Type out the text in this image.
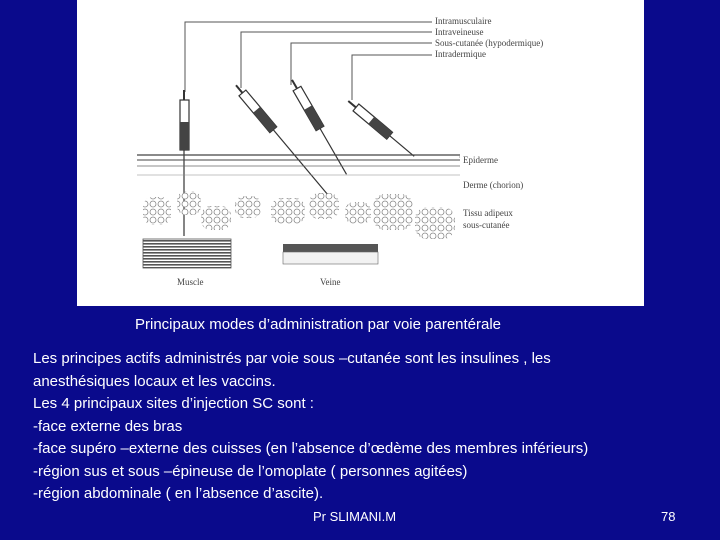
Intramusculaire
Intraveineuse
Sous-cutanée (hypodermique)
Intradermique
Epiderme
Derme (chorion)
Tissu adipeux
sous-cutanée
Muscle	Veine
Principaux modes d’administration par voie parentérale
Les principes actifs administrés par voie sous –cutanée sont les insulines , les
anesthésiques locaux et les vaccins.
Les 4 principaux sites d’injection SC sont :
-face externe des bras
-face supéro –externe des cuisses (en l’absence d’œdème des membres inférieurs)
-région sus et sous –épineuse de l’omoplate ( personnes agitées)
-région abdominale ( en l’absence d’ascite).
Pr SLIMANI.M	78
